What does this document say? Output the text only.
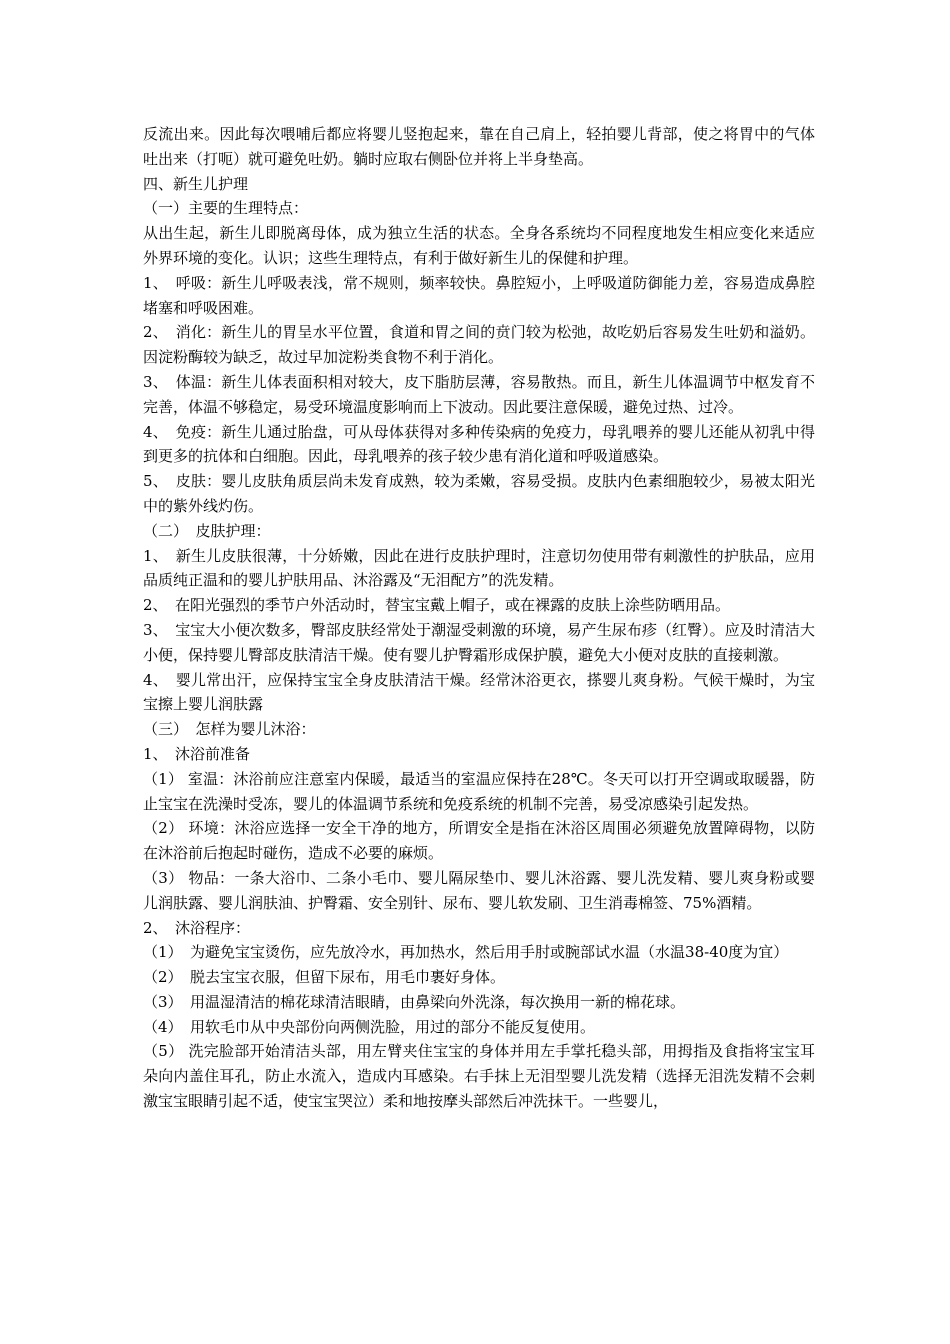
反流出来。因此每次喂哺后都应将婴儿竖抱起来，靠在自己肩上，轻拍婴儿背部，使之将胃中的气体吐出来（打呃）就可避免吐奶。躺时应取右侧卧位并将上半身垫高。

四、新生儿护理

（一）主要的生理特点：

从出生起，新生儿即脱离母体，成为独立生活的状态。全身各系统均不同程度地发生相应变化来适应外界环境的变化。认识；这些生理特点，有利于做好新生儿的保健和护理。

1、　呼吸：新生儿呼吸表浅，常不规则，频率较快。鼻腔短小，上呼吸道防御能力差，容易造成鼻腔堵塞和呼吸困难。

2、　消化：新生儿的胃呈水平位置，食道和胃之间的贲门较为松弛，故吃奶后容易发生吐奶和溢奶。因淀粉酶较为缺乏，故过早加淀粉类食物不利于消化。

3、　体温：新生儿体表面积相对较大，皮下脂肪层薄，容易散热。而且，新生儿体温调节中枢发育不完善，体温不够稳定，易受环境温度影响而上下波动。因此要注意保暖，避免过热、过冷。

4、　免疫：新生儿通过胎盘，可从母体获得对多种传染病的免疫力，母乳喂养的婴儿还能从初乳中得到更多的抗体和白细胞。因此，母乳喂养的孩子较少患有消化道和呼吸道感染。

5、　皮肤：婴儿皮肤角质层尚未发育成熟，较为柔嫩，容易受损。皮肤内色素细胞较少，易被太阳光中的紫外线灼伤。

（二）　皮肤护理：

1、　新生儿皮肤很薄，十分娇嫩，因此在进行皮肤护理时，注意切勿使用带有刺激性的护肤品，应用品质纯正温和的婴儿护肤用品、沐浴露及“无泪配方”的洗发精。

2、　在阳光强烈的季节户外活动时，替宝宝戴上帽子，或在裸露的皮肤上涂些防晒用品。

3、　宝宝大小便次数多，臀部皮肤经常处于潮湿受刺激的环境，易产生尿布疹（红臀）。应及时清洁大小便，保持婴儿臀部皮肤清洁干燥。使有婴儿护臀霜形成保护膜，避免大小便对皮肤的直接刺激。

4、　婴儿常出汗，应保持宝宝全身皮肤清洁干燥。经常沐浴更衣，搽婴儿爽身粉。气候干燥时，为宝宝擦上婴儿润肤露

（三）　怎样为婴儿沐浴：

1、　沐浴前准备

（1） 室温：沐浴前应注意室内保暖，最适当的室温应保持在28℃。冬天可以打开空调或取暖器，防止宝宝在洗澡时受冻，婴儿的体温调节系统和免疫系统的机制不完善，易受凉感染引起发热。

（2） 环境：沐浴应选择一安全干净的地方，所谓安全是指在沐浴区周围必须避免放置障碍物，以防在沐浴前后抱起时碰伤，造成不必要的麻烦。

（3） 物品：一条大浴巾、二条小毛巾、婴儿隔尿垫巾、婴儿沐浴露、婴儿洗发精、婴儿爽身粉或婴儿润肤露、婴儿润肤油、护臀霜、安全别针、尿布、婴儿软发刷、卫生消毒棉签、75%酒精。

2、　沐浴程序：

（1）　为避免宝宝烫伤，应先放冷水，再加热水，然后用手肘或腕部试水温（水温38-40度为宜）

（2）　脱去宝宝衣服，但留下尿布，用毛巾裹好身体。

（3）　用温湿清洁的棉花球清洁眼睛，由鼻梁向外洗涤，每次换用一新的棉花球。

（4）　用软毛巾从中央部份向两侧洗脸，用过的部分不能反复使用。

（5） 洗完脸部开始清洁头部，用左臂夹住宝宝的身体并用左手掌托稳头部，用拇指及食指将宝宝耳朵向内盖住耳孔，防止水流入，造成内耳感染。右手抹上无泪型婴儿洗发精（选择无泪洗发精不会刺激宝宝眼睛引起不适，使宝宝哭泣）柔和地按摩头部然后冲洗抹干。一些婴儿，
